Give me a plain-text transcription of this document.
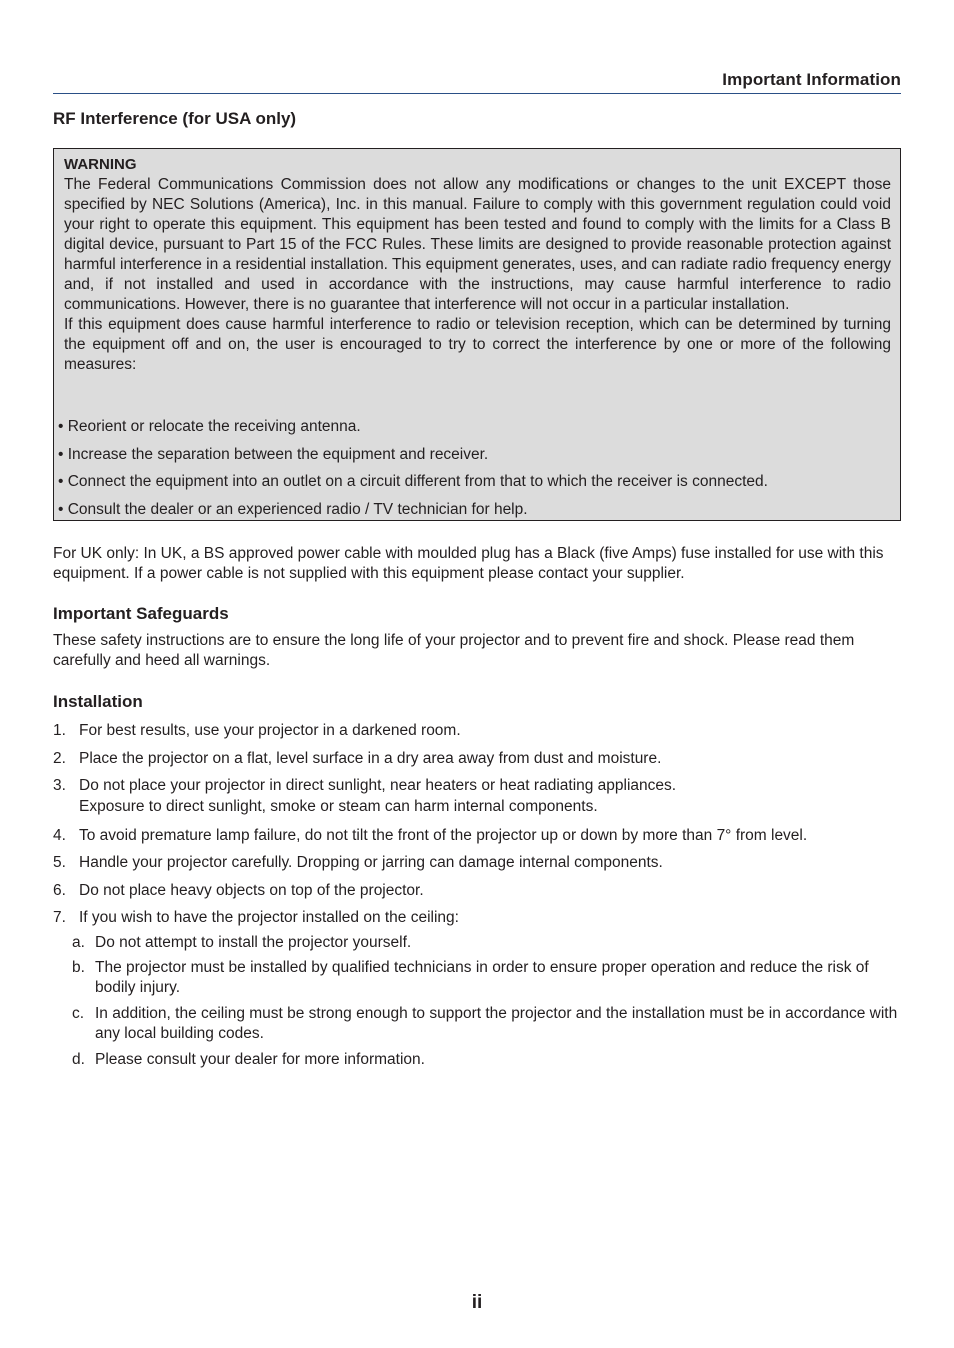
Important Information
RF Interference (for USA only)
WARNING

The Federal Communications Commission does not allow any modifications or changes to the unit EXCEPT those specified by NEC Solutions (America), Inc. in this manual. Failure to comply with this government regulation could void your right to operate this equipment. This equipment has been tested and found to comply with the limits for a Class B digital device, pursuant to Part 15 of the FCC Rules. These limits are designed to provide reasonable protection against harmful interference in a residential installation. This equipment generates, uses, and can radiate radio frequency energy and, if not installed and used in accordance with the instructions, may cause harmful interference to radio communications. However, there is no guarantee that interference will not occur in a particular installation.

If this equipment does cause harmful interference to radio or television reception, which can be determined by turning the equipment off and on, the user is encouraged to try to correct the interference by one or more of the following measures:

• Reorient or relocate the receiving antenna.
• Increase the separation between the equipment and receiver.
• Connect the equipment into an outlet on a circuit different from that to which the receiver is connected.
• Consult the dealer or an experienced radio / TV technician for help.

For UK only: In UK, a BS approved power cable with moulded plug has a Black (five Amps) fuse installed for use with this equipment. If a power cable is not supplied with this equipment please contact your supplier.

Important Safeguards

These safety instructions are to ensure the long life of your projector and to prevent fire and shock. Please read them carefully and heed all warnings.

Installation
1. For best results, use your projector in a darkened room.
2. Place the projector on a flat, level surface in a dry area away from dust and moisture.
3. Do not place your projector in direct sunlight, near heaters or heat radiating appliances.
Exposure to direct sunlight, smoke or steam can harm internal components.
4. To avoid premature lamp failure, do not tilt the front of the projector up or down by more than 7° from level.
5. Handle your projector carefully. Dropping or jarring can damage internal components.
6. Do not place heavy objects on top of the projector.
7. If you wish to have the projector installed on the ceiling:
a. Do not attempt to install the projector yourself.
b. The projector must be installed by qualified technicians in order to ensure proper operation and reduce the risk of bodily injury.
c. In addition, the ceiling must be strong enough to support the projector and the installation must be in accordance with any local building codes.
d. Please consult your dealer for more information.
ii
